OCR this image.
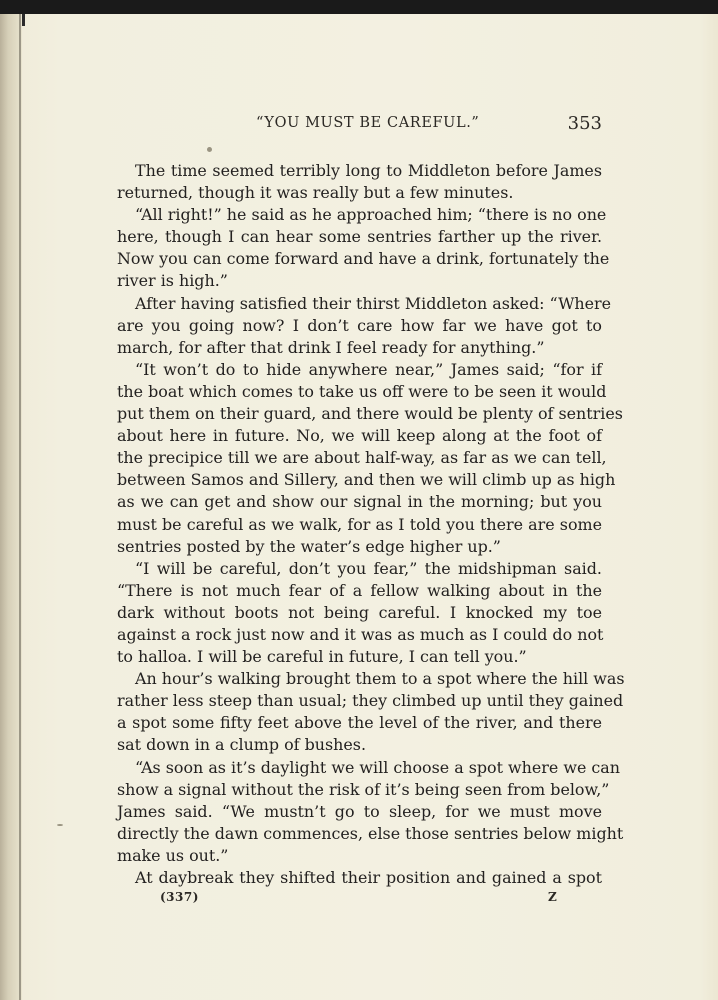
“YOU MUST BE CAREFUL.”	353
The time seemed terribly long to Middleton before James
returned, though it was really but a few minutes.
“All right!” he said as he approached him; “there is no one
here, though I can hear some sentries farther up the river.
Now you can come forward and have a drink, fortunately the
river is high.”
After having satisfied their thirst Middleton asked: “Where
are you going now? I don’t care how far we have got to
march, for after that drink I feel ready for anything.”
“It won’t do to hide anywhere near,” James said; “for if
the boat which comes to take us off were to be seen it would
put them on their guard, and there would be plenty of sentries
about here in future. No, we will keep along at the foot of
the precipice till we are about half-way, as far as we can tell,
between Samos and Sillery, and then we will climb up as high
as we can get and show our signal in the morning; but you
must be careful as we walk, for as I told you there are some
sentries posted by the water’s edge higher up.”
“I will be careful, don’t you fear,” the midshipman said.
“There is not much fear of a fellow walking about in the
dark without boots not being careful. I knocked my toe
against a rock just now and it was as much as I could do not
to halloa. I will be careful in future, I can tell you.”
An hour’s walking brought them to a spot where the hill was
rather less steep than usual; they climbed up until they gained
a spot some fifty feet above the level of the river, and there
sat down in a clump of bushes.
“As soon as it’s daylight we will choose a spot where we can
show a signal without the risk of it’s being seen from below,”
James said. “We mustn’t go to sleep, for we must move
directly the dawn commences, else those sentries below might
make us out.”
At daybreak they shifted their position and gained a spot
(337)	Z
